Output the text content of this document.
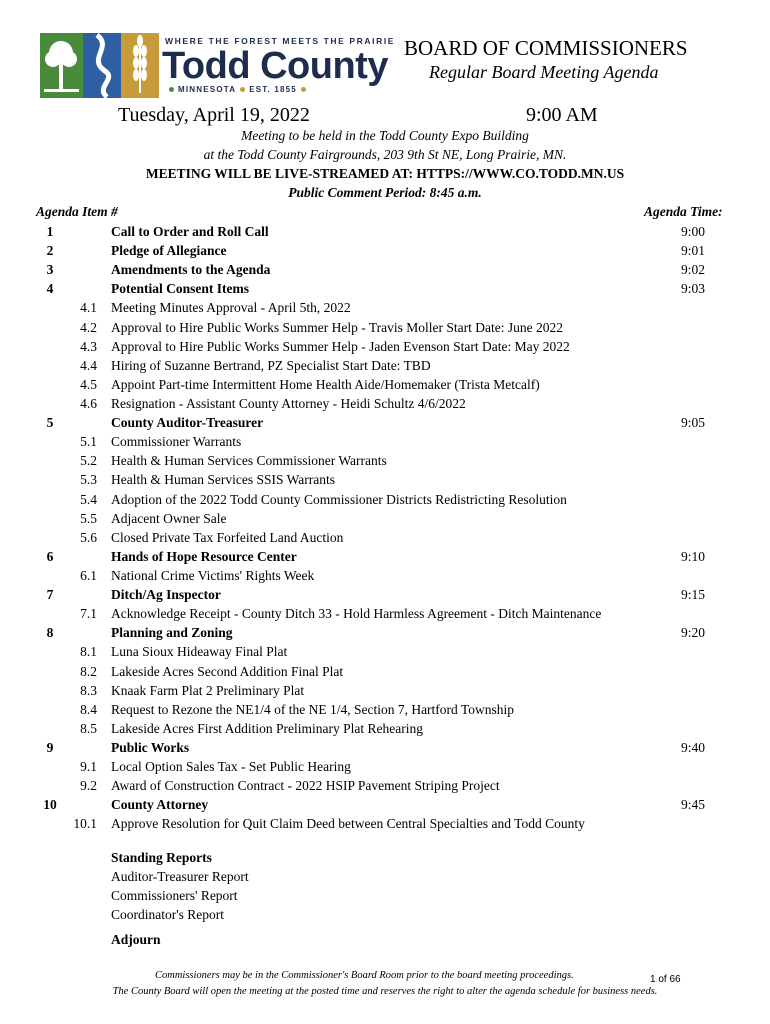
WHERE THE FOREST MEETS THE PRAIRIE
Todd County
MINNESOTA EST. 1855
BOARD OF COMMISSIONERS
Regular Board Meeting Agenda
Tuesday, April 19, 2022	9:00 AM
Meeting to be held in the Todd County Expo Building
at the Todd County Fairgrounds, 203 9th St NE, Long Prairie, MN.
MEETING WILL BE LIVE-STREAMED AT: HTTPS://WWW.CO.TODD.MN.US
Public Comment Period: 8:45 a.m.
Agenda Item #	Agenda Time:
1	Call to Order and Roll Call	9:00
2	Pledge of Allegiance	9:01
3	Amendments to the Agenda	9:02
4	Potential Consent Items	9:03
4.1 Meeting Minutes Approval - April 5th, 2022
4.2 Approval to Hire Public Works Summer Help - Travis Moller Start Date: June 2022
4.3 Approval to Hire Public Works Summer Help - Jaden Evenson Start Date: May 2022
4.4 Hiring of Suzanne Bertrand, PZ Specialist Start Date: TBD
4.5 Appoint Part-time Intermittent Home Health Aide/Homemaker (Trista Metcalf)
4.6 Resignation - Assistant County Attorney - Heidi Schultz 4/6/2022
5	County Auditor-Treasurer	9:05
5.1 Commissioner Warrants
5.2 Health & Human Services Commissioner Warrants
5.3 Health & Human Services SSIS Warrants
5.4 Adoption of the 2022 Todd County Commissioner Districts Redistricting Resolution
5.5 Adjacent Owner Sale
5.6 Closed Private Tax Forfeited Land Auction
6	Hands of Hope Resource Center	9:10
6.1 National Crime Victims' Rights Week
7	Ditch/Ag Inspector	9:15
7.1 Acknowledge Receipt - County Ditch 33 - Hold Harmless Agreement - Ditch Maintenance
8	Planning and Zoning	9:20
8.1 Luna Sioux Hideaway Final Plat
8.2 Lakeside Acres Second Addition Final Plat
8.3 Knaak Farm Plat 2 Preliminary Plat
8.4 Request to Rezone the NE1/4 of the NE 1/4, Section 7, Hartford Township
8.5 Lakeside Acres First Addition Preliminary Plat Rehearing
9	Public Works	9:40
9.1 Local Option Sales Tax - Set Public Hearing
9.2 Award of Construction Contract - 2022 HSIP Pavement Striping Project
10	County Attorney	9:45
10.1 Approve Resolution for Quit Claim Deed between Central Specialties and Todd County
Standing Reports
Auditor-Treasurer Report
Commissioners' Report
Coordinator's Report
Adjourn
Commissioners may be in the Commissioner's Board Room prior to the board meeting proceedings.	1 of 66
The County Board will open the meeting at the posted time and reserves the right to alter the agenda schedule for business needs.
